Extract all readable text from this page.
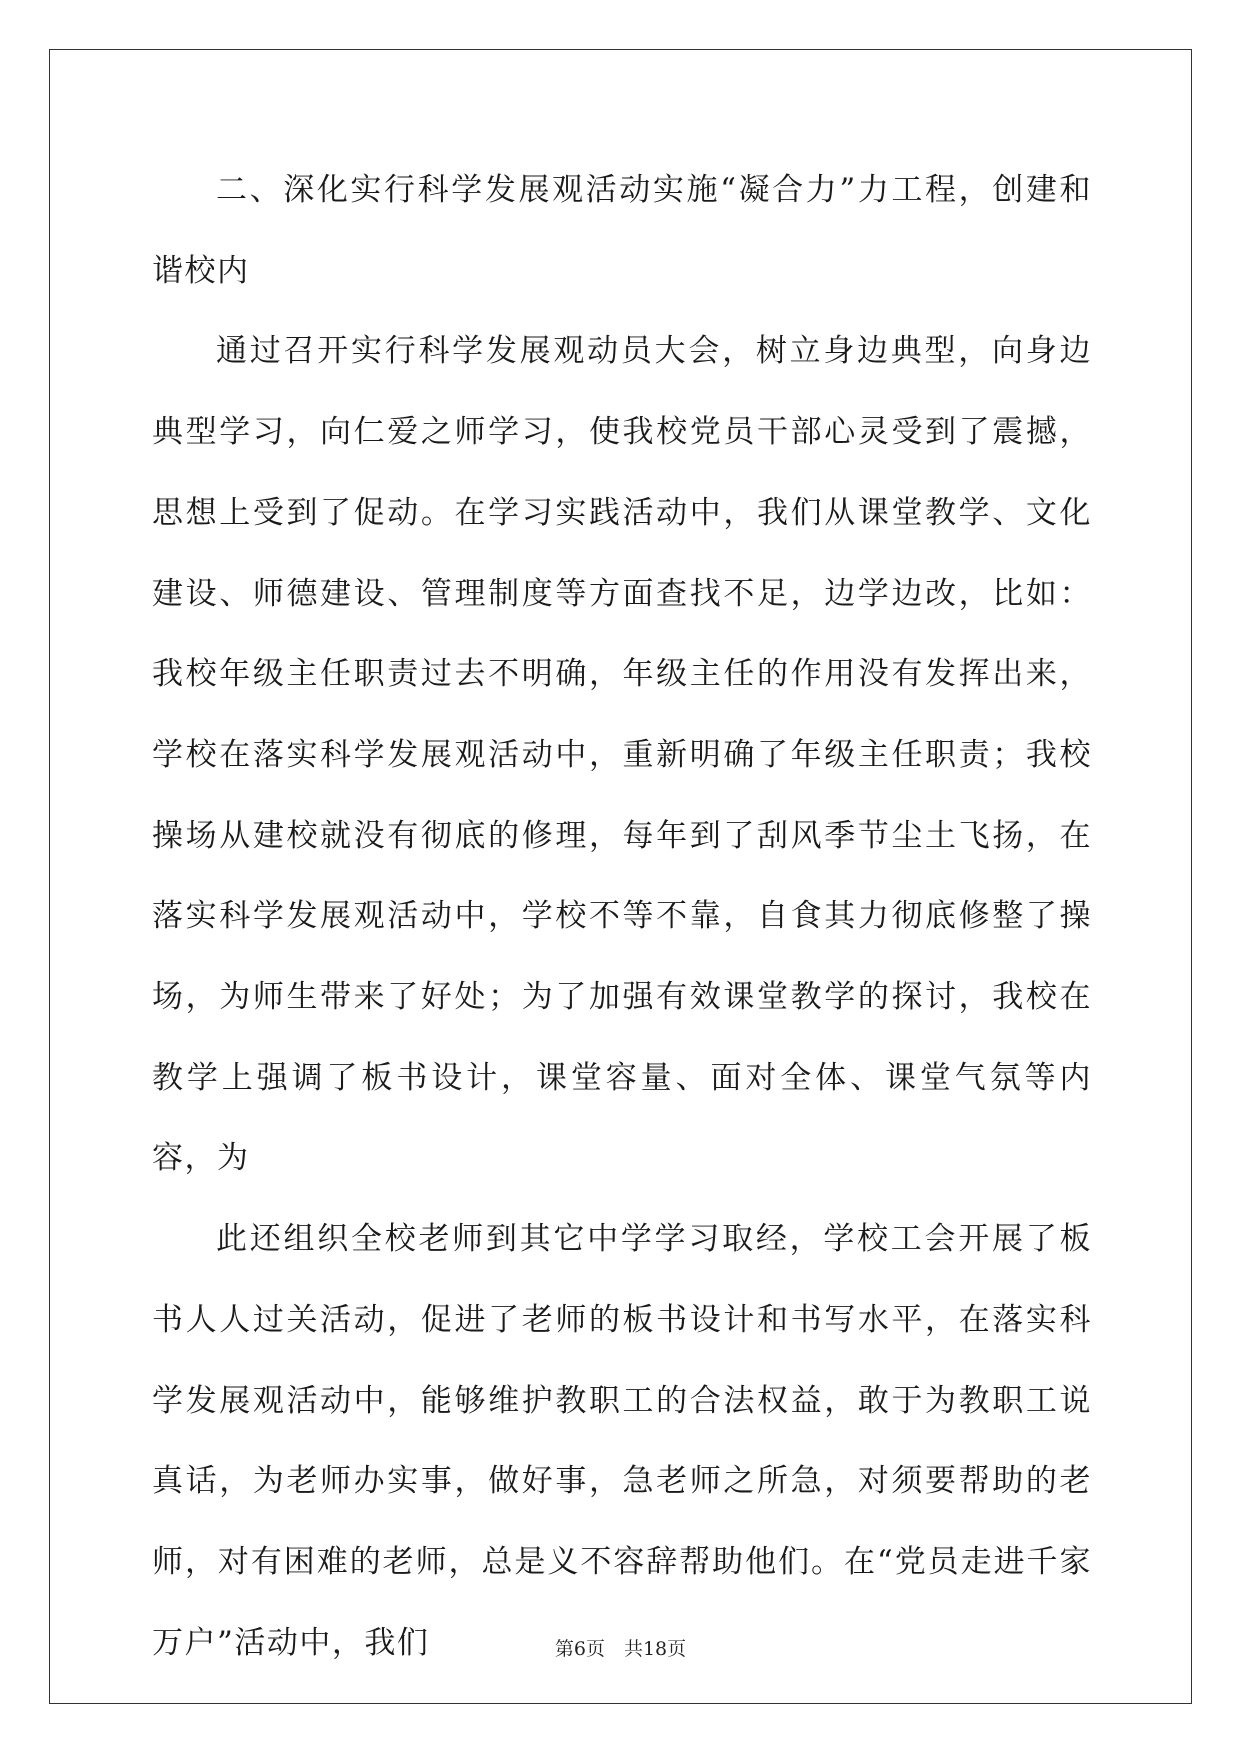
二、深化实行科学发展观活动实施“凝合力”力工程，创建和谐校内

通过召开实行科学发展观动员大会，树立身边典型，向身边典型学习，向仁爱之师学习，使我校党员干部心灵受到了震撼，思想上受到了促动。在学习实践活动中，我们从课堂教学、文化建设、师德建设、管理制度等方面查找不足，边学边改，比如：我校年级主任职责过去不明确，年级主任的作用没有发挥出来，学校在落实科学发展观活动中，重新明确了年级主任职责；我校操场从建校就没有彻底的修理，每年到了刮风季节尘土飞扬，在落实科学发展观活动中，学校不等不靠，自食其力彻底修整了操场，为师生带来了好处；为了加强有效课堂教学的探讨，我校在教学上强调了板书设计，课堂容量、面对全体、课堂气氛等内容，为

此还组织全校老师到其它中学学习取经，学校工会开展了板书人人过关活动，促进了老师的板书设计和书写水平，在落实科学发展观活动中，能够维护教职工的合法权益，敢于为教职工说真话，为老师办实事，做好事，急老师之所急，对须要帮助的老师，对有困难的老师，总是义不容辞帮助他们。在“党员走进千家万户”活动中，我们	第6页　共18页
